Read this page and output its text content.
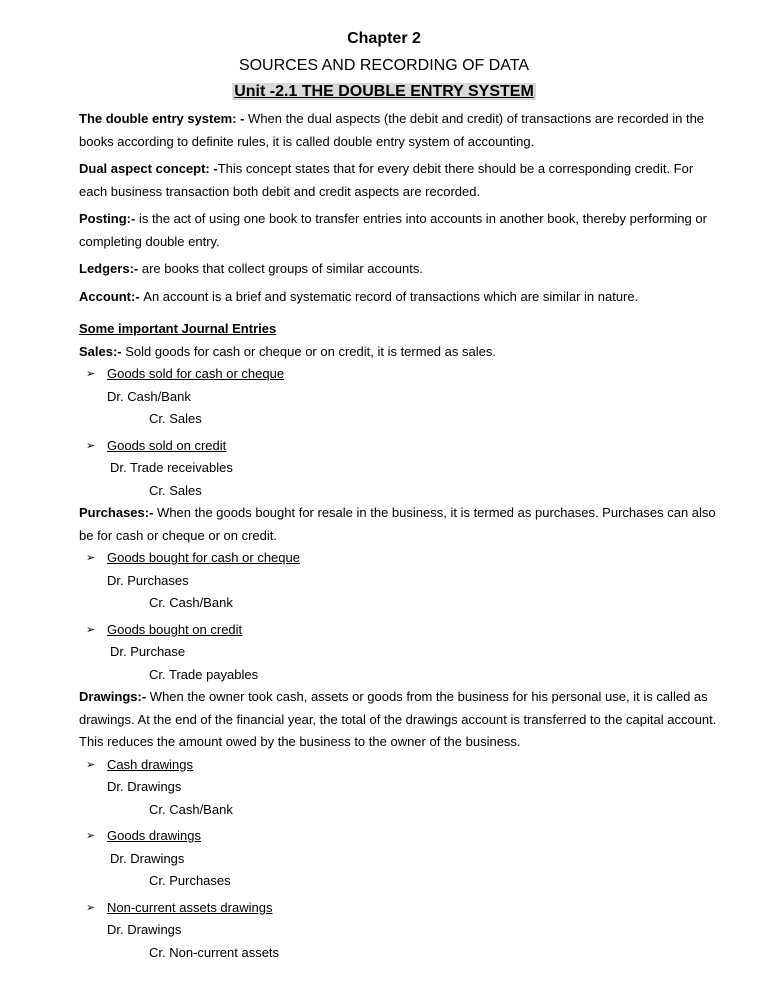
Chapter 2
SOURCES AND RECORDING OF DATA
Unit -2.1 THE DOUBLE ENTRY SYSTEM

The double entry system: - When the dual aspects (the debit and credit) of transactions are recorded in the books according to definite rules, it is called double entry system of accounting.

Dual aspect concept: -This concept states that for every debit there should be a corresponding credit. For each business transaction both debit and credit aspects are recorded.

Posting:- is the act of using one book to transfer entries into accounts in another book, thereby performing or completing double entry.

Ledgers:- are books that collect groups of similar accounts.

Account:- An account is a brief and systematic record of transactions which are similar in nature.

Some important Journal Entries
Sales:- Sold goods for cash or cheque or on credit, it is termed as sales.
➢ Goods sold for cash or cheque
Dr. Cash/Bank
Cr. Sales
➢ Goods sold on credit
Dr. Trade receivables
Cr. Sales
Purchases:- When the goods bought for resale in the business, it is termed as purchases. Purchases can also be for cash or cheque or on credit.
➢ Goods bought for cash or cheque
Dr. Purchases
Cr. Cash/Bank
➢ Goods bought on credit
Dr. Purchase
Cr. Trade payables
Drawings:- When the owner took cash, assets or goods from the business for his personal use, it is called as drawings. At the end of the financial year, the total of the drawings account is transferred to the capital account. This reduces the amount owed by the business to the owner of the business.
➢ Cash drawings
Dr. Drawings
Cr. Cash/Bank
➢ Goods drawings
Dr. Drawings
Cr. Purchases
➢ Non-current assets drawings
Dr. Drawings
Cr. Non-current assets
